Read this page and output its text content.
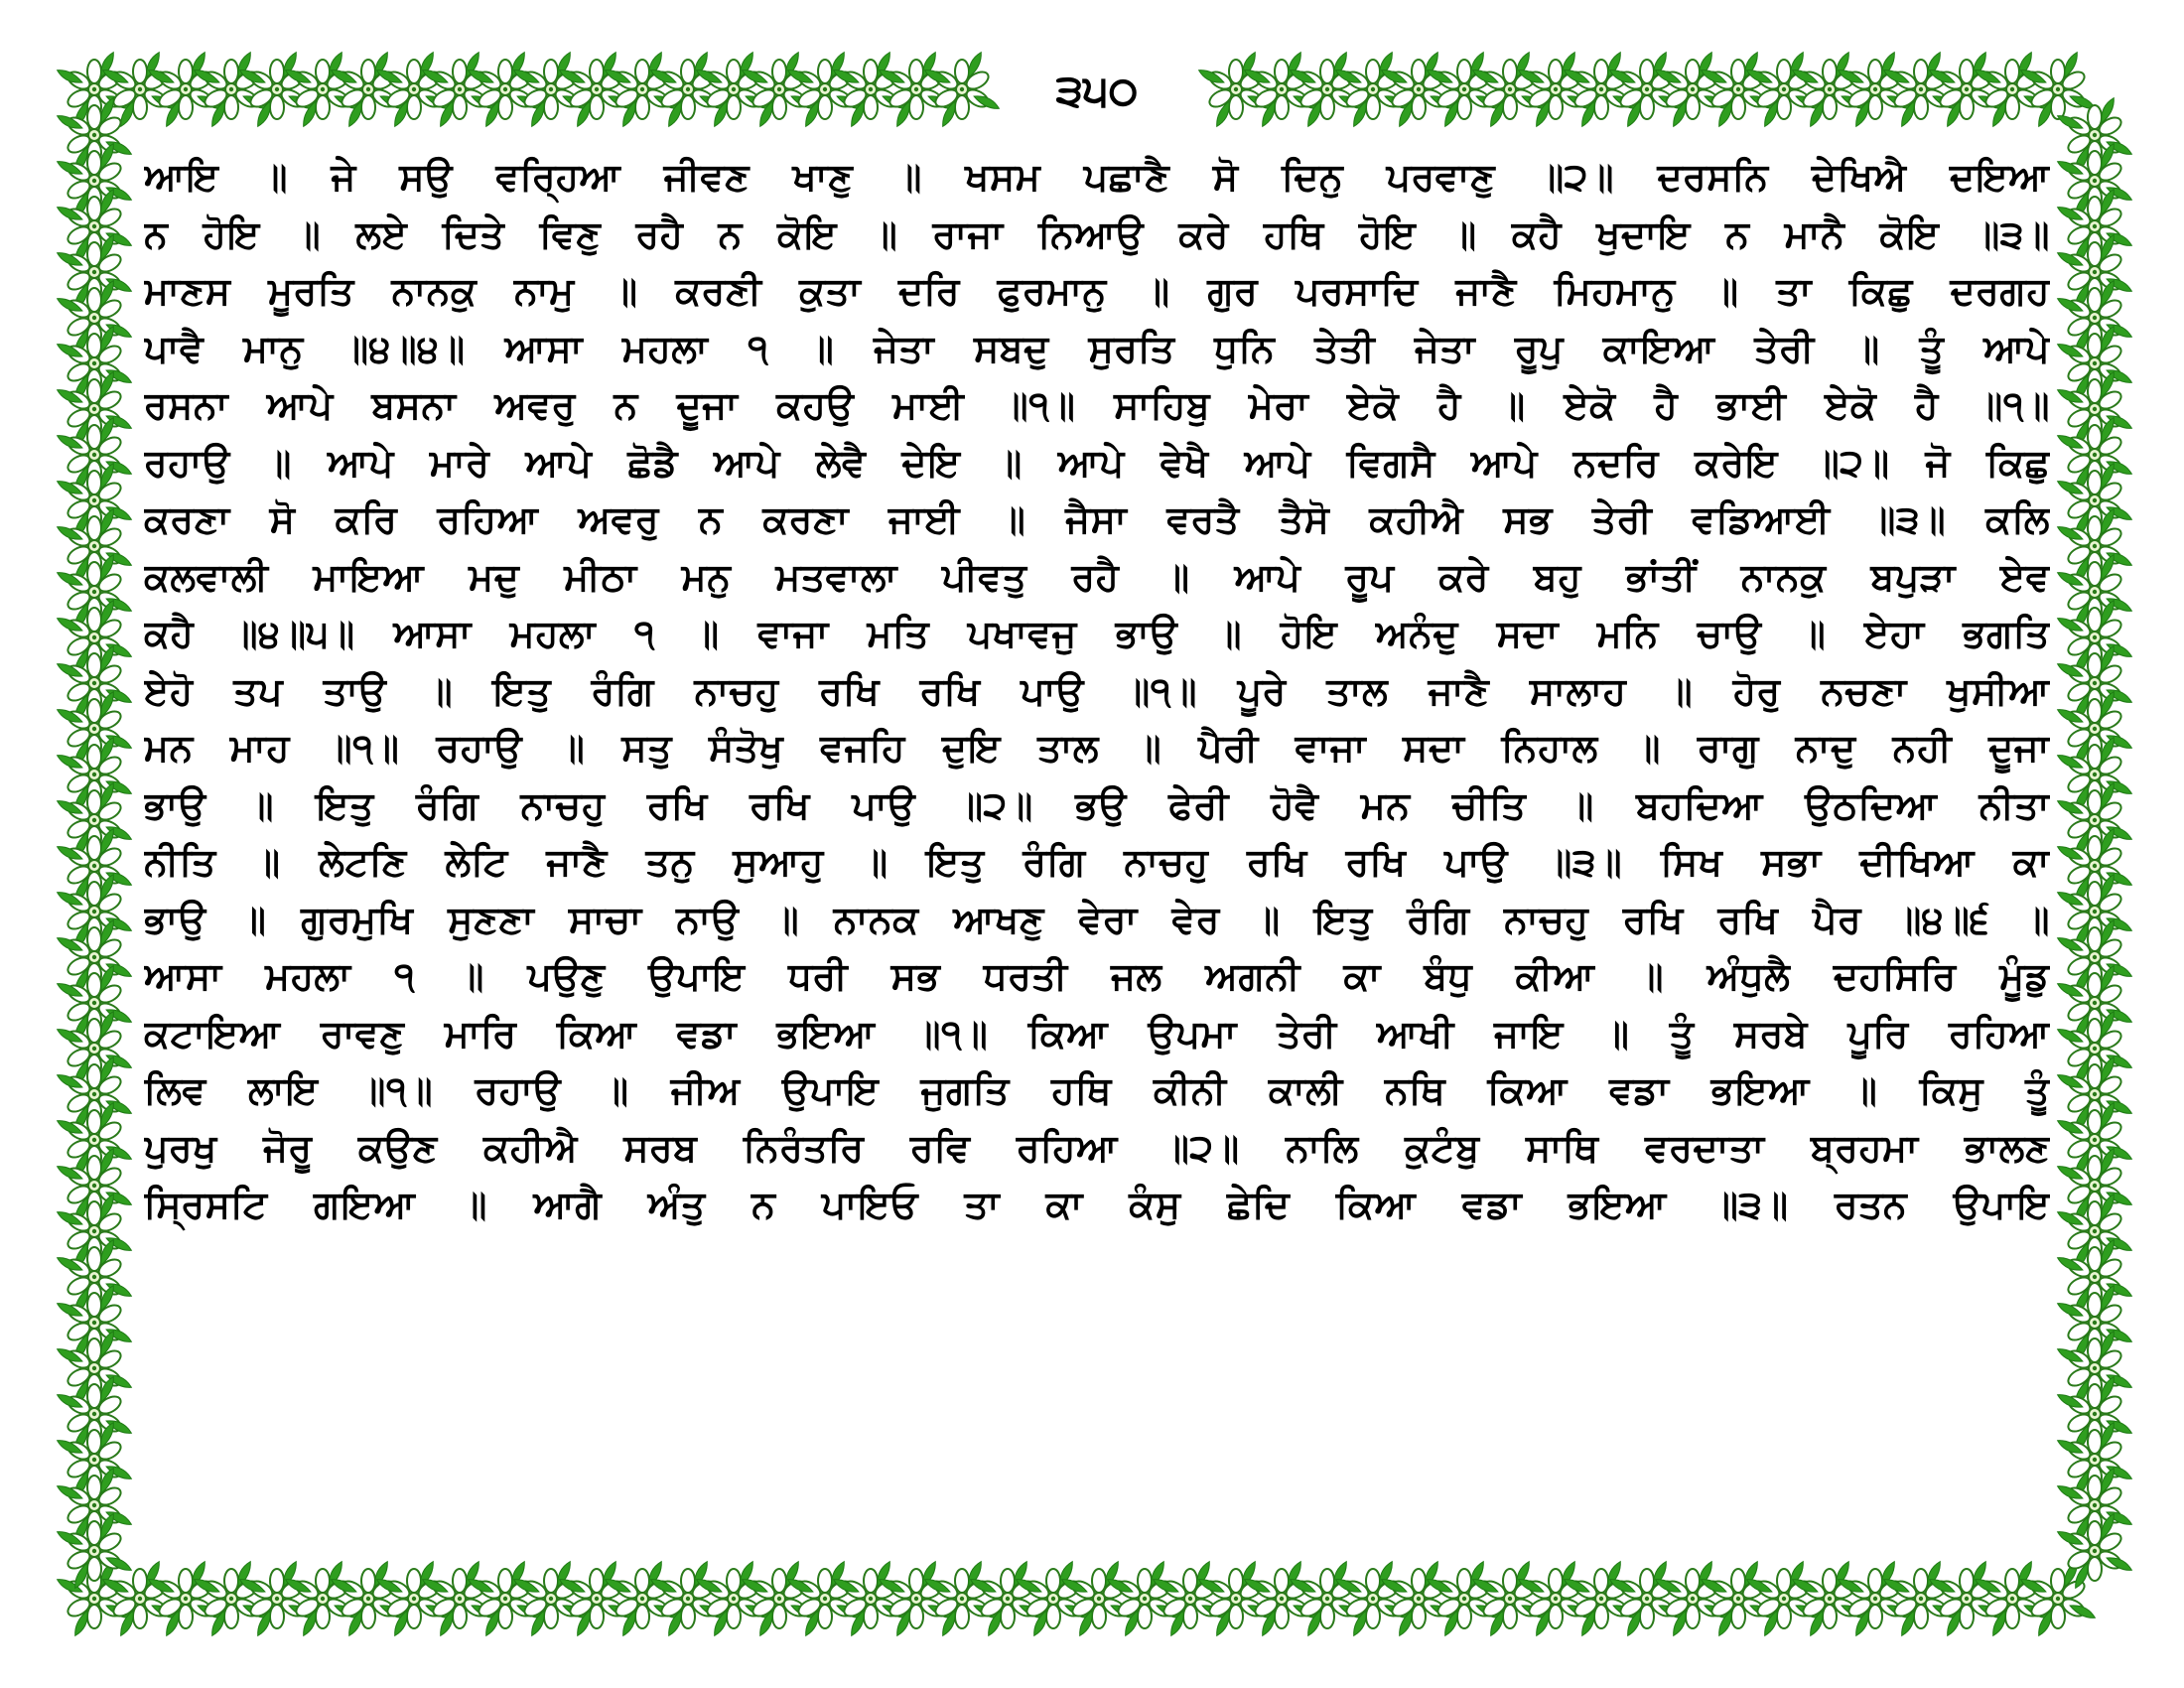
੩੫੦
ਆਇ ॥ ਜੇ ਸਉ ਵਰ੍ਹਿਆ ਜੀਵਣ ਖਾਣੁ ॥ ਖਸਮ ਪਛਾਣੈ ਸੋ ਦਿਨੁ ਪਰਵਾਣੁ ॥੨॥ ਦਰਸਨਿ ਦੇਖਿਐ ਦਇਆ
ਨ ਹੋਇ ॥ ਲਏ ਦਿਤੇ ਵਿਣੁ ਰਹੈ ਨ ਕੋਇ ॥ ਰਾਜਾ ਨਿਆਉ ਕਰੇ ਹਥਿ ਹੋਇ ॥ ਕਹੈ ਖੁਦਾਇ ਨ ਮਾਨੈ ਕੋਇ ॥੩॥
ਮਾਣਸ ਮੂਰਤਿ ਨਾਨਕੁ ਨਾਮੁ ॥ ਕਰਣੀ ਕੁਤਾ ਦਰਿ ਫੁਰਮਾਨੁ ॥ ਗੁਰ ਪਰਸਾਦਿ ਜਾਣੈ ਮਿਹਮਾਨੁ ॥ ਤਾ ਕਿਛੁ ਦਰਗਹ
ਪਾਵੈ ਮਾਨੁ ॥੪॥੪॥ ਆਸਾ ਮਹਲਾ ੧ ॥ ਜੇਤਾ ਸਬਦੁ ਸੁਰਤਿ ਧੁਨਿ ਤੇਤੀ ਜੇਤਾ ਰੂਪੁ ਕਾਇਆ ਤੇਰੀ ॥ ਤੂੰ ਆਪੇ
ਰਸਨਾ ਆਪੇ ਬਸਨਾ ਅਵਰੁ ਨ ਦੂਜਾ ਕਹਉ ਮਾਈ ॥੧॥ ਸਾਹਿਬੁ ਮੇਰਾ ਏਕੋ ਹੈ ॥ ਏਕੋ ਹੈ ਭਾਈ ਏਕੋ ਹੈ ॥੧॥
ਰਹਾਉ ॥ ਆਪੇ ਮਾਰੇ ਆਪੇ ਛੋਡੈ ਆਪੇ ਲੇਵੈ ਦੇਇ ॥ ਆਪੇ ਵੇਖੈ ਆਪੇ ਵਿਗਸੈ ਆਪੇ ਨਦਰਿ ਕਰੇਇ ॥੨॥ ਜੋ ਕਿਛੁ
ਕਰਣਾ ਸੋ ਕਰਿ ਰਹਿਆ ਅਵਰੁ ਨ ਕਰਣਾ ਜਾਈ ॥ ਜੈਸਾ ਵਰਤੈ ਤੈਸੋ ਕਹੀਐ ਸਭ ਤੇਰੀ ਵਡਿਆਈ ॥੩॥ ਕਲਿ
ਕਲਵਾਲੀ ਮਾਇਆ ਮਦੁ ਮੀਠਾ ਮਨੁ ਮਤਵਾਲਾ ਪੀਵਤੁ ਰਹੈ ॥ ਆਪੇ ਰੂਪ ਕਰੇ ਬਹੁ ਭਾਂਤੀਂ ਨਾਨਕੁ ਬਪੁੜਾ ਏਵ
ਕਹੈ ॥੪॥੫॥ ਆਸਾ ਮਹਲਾ ੧ ॥ ਵਾਜਾ ਮਤਿ ਪਖਾਵਜੁ ਭਾਉ ॥ ਹੋਇ ਅਨੰਦੁ ਸਦਾ ਮਨਿ ਚਾਉ ॥ ਏਹਾ ਭਗਤਿ
ਏਹੋ ਤਪ ਤਾਉ ॥ ਇਤੁ ਰੰਗਿ ਨਾਚਹੁ ਰਖਿ ਰਖਿ ਪਾਉ ॥੧॥ ਪੂਰੇ ਤਾਲ ਜਾਣੈ ਸਾਲਾਹ ॥ ਹੋਰੁ ਨਚਣਾ ਖੁਸੀਆ
ਮਨ ਮਾਹ ॥੧॥ ਰਹਾਉ ॥ ਸਤੁ ਸੰਤੋਖੁ ਵਜਹਿ ਦੁਇ ਤਾਲ ॥ ਪੈਰੀ ਵਾਜਾ ਸਦਾ ਨਿਹਾਲ ॥ ਰਾਗੁ ਨਾਦੁ ਨਹੀ ਦੂਜਾ
ਭਾਉ ॥ ਇਤੁ ਰੰਗਿ ਨਾਚਹੁ ਰਖਿ ਰਖਿ ਪਾਉ ॥੨॥ ਭਉ ਫੇਰੀ ਹੋਵੈ ਮਨ ਚੀਤਿ ॥ ਬਹਦਿਆ ਉਠਦਿਆ ਨੀਤਾ
ਨੀਤਿ ॥ ਲੇਟਣਿ ਲੇਟਿ ਜਾਣੈ ਤਨੁ ਸੁਆਹੁ ॥ ਇਤੁ ਰੰਗਿ ਨਾਚਹੁ ਰਖਿ ਰਖਿ ਪਾਉ ॥੩॥ ਸਿਖ ਸਭਾ ਦੀਖਿਆ ਕਾ
ਭਾਉ ॥ ਗੁਰਮੁਖਿ ਸੁਣਣਾ ਸਾਚਾ ਨਾਉ ॥ ਨਾਨਕ ਆਖਣੁ ਵੇਰਾ ਵੇਰ ॥ ਇਤੁ ਰੰਗਿ ਨਾਚਹੁ ਰਖਿ ਰਖਿ ਪੈਰ ॥੪॥੬ ॥
ਆਸਾ ਮਹਲਾ ੧ ॥ ਪਉਣੁ ਉਪਾਇ ਧਰੀ ਸਭ ਧਰਤੀ ਜਲ ਅਗਨੀ ਕਾ ਬੰਧੁ ਕੀਆ ॥ ਅੰਧੁਲੈ ਦਹਸਿਰਿ ਮੂੰਡੁ
ਕਟਾਇਆ ਰਾਵਣੁ ਮਾਰਿ ਕਿਆ ਵਡਾ ਭਇਆ ॥੧॥ ਕਿਆ ਉਪਮਾ ਤੇਰੀ ਆਖੀ ਜਾਇ ॥ ਤੂੰ ਸਰਬੇ ਪੂਰਿ ਰਹਿਆ
ਲਿਵ ਲਾਇ ॥੧॥ ਰਹਾਉ ॥ ਜੀਅ ਉਪਾਇ ਜੁਗਤਿ ਹਥਿ ਕੀਨੀ ਕਾਲੀ ਨਥਿ ਕਿਆ ਵਡਾ ਭਇਆ ॥ ਕਿਸੁ ਤੂੰ
ਪੁਰਖੁ ਜੋਰੂ ਕਉਣ ਕਹੀਐ ਸਰਬ ਨਿਰੰਤਰਿ ਰਵਿ ਰਹਿਆ ॥੨॥ ਨਾਲਿ ਕੁਟੰਬੁ ਸਾਥਿ ਵਰਦਾਤਾ ਬ੍ਰਹਮਾ ਭਾਲਣ
ਸ੍ਰਿਸਟਿ ਗਇਆ ॥ ਆਗੈ ਅੰਤੁ ਨ ਪਾਇਓ ਤਾ ਕਾ ਕੰਸੁ ਛੇਦਿ ਕਿਆ ਵਡਾ ਭਇਆ ॥੩॥ ਰਤਨ ਉਪਾਇ
